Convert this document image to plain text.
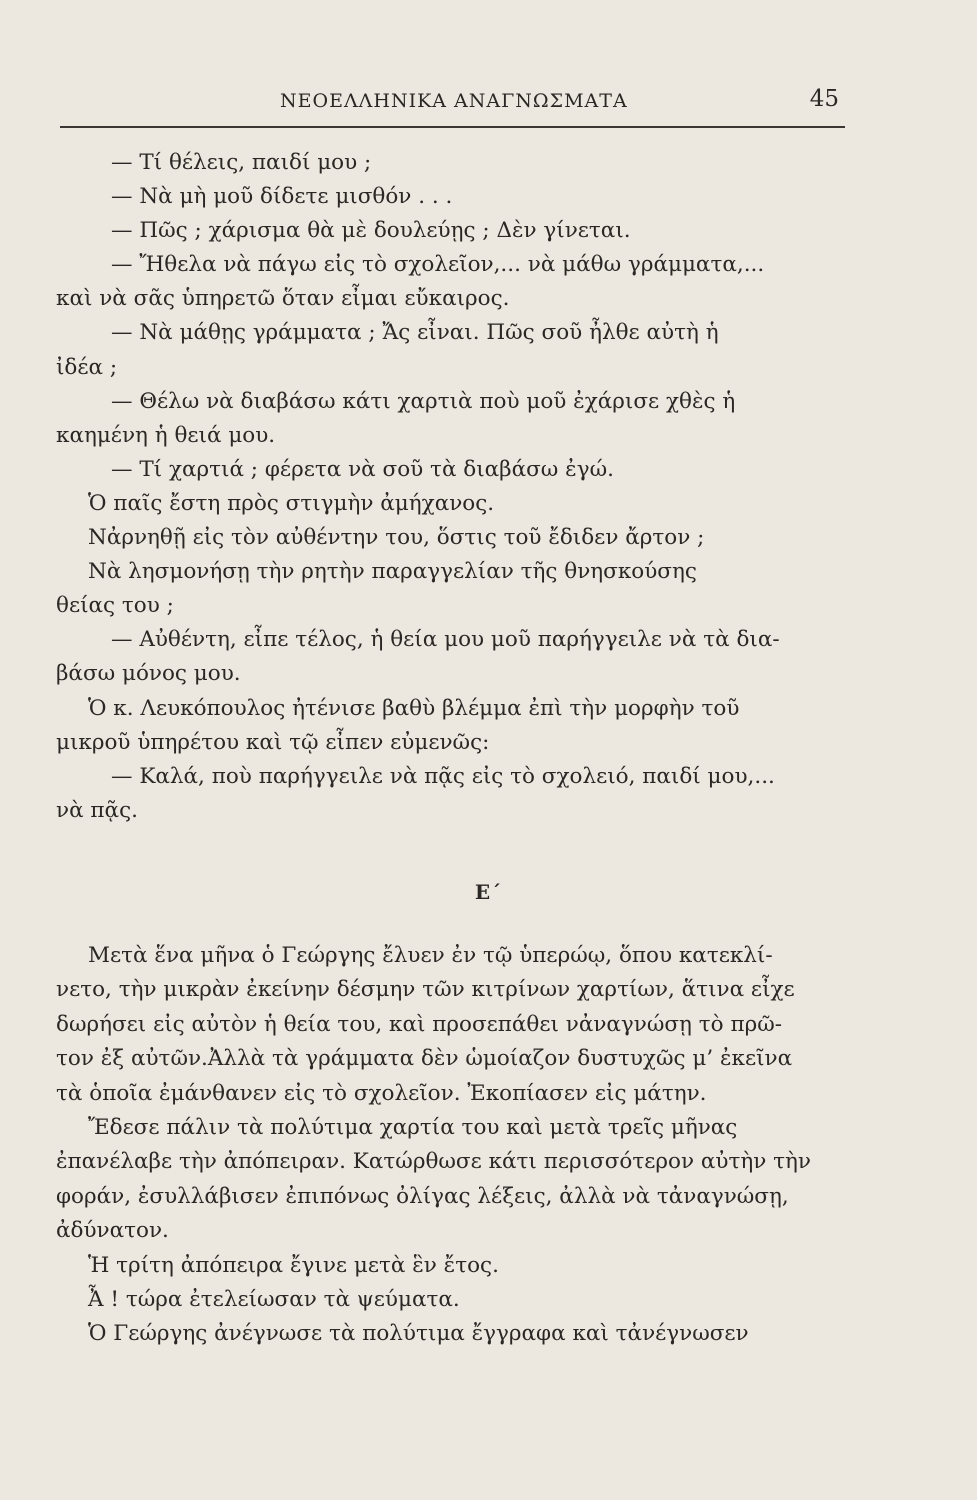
ΝΕΟΕΛΛΗΝΙΚΑ ΑΝΑΓΝΩΣΜΑΤΑ	45
— Τί θέλεις, παιδί μου ;
— Νὰ μὴ μοῦ δίδετε μισθόν . . .
— Πῶς ; χάρισμα θὰ μὲ δουλεύῃς ; Δὲν γίνεται.
— Ἤθελα νὰ πάγω εἰς τὸ σχολεῖον,... νὰ μάθω γράμματα,...
καὶ νὰ σᾶς ὑπηρετῶ ὅταν εἶμαι εὔκαιρος.
— Νὰ μάθῃς γράμματα ; Ἄς εἶναι. Πῶς σοῦ ἦλθε αὐτὴ ἡ
ἰδέα ;
— Θέλω νὰ διαβάσω κάτι χαρτιὰ ποὺ μοῦ ἐχάρισε χθὲς ἡ
καημένη ἡ θειά μου.
— Τί χαρτιά ; φέρετα νὰ σοῦ τὰ διαβάσω ἐγώ.
Ὁ παῖς ἔστη πρὸς στιγμὴν ἀμήχανος.
Νἀρνηθῇ εἰς τὸν αὐθέντην του, ὅστις τοῦ ἔδιδεν ἄρτον ;
Νὰ λησμονήσῃ τὴν ρητὴν παραγγελίαν τῆς θνησκούσης
θείας του ;
— Αὐθέντη, εἶπε τέλος, ἡ θεία μου μοῦ παρήγγειλε νὰ τὰ δια-
βάσω μόνος μου.
Ὁ κ. Λευκόπουλος ἠτένισε βαθὺ βλέμμα ἐπὶ τὴν μορφὴν τοῦ
μικροῦ ὑπηρέτου καὶ τῷ εἶπεν εὐμενῶς:
— Καλά, ποὺ παρήγγειλε νὰ πᾷς εἰς τὸ σχολειό, παιδί μου,...
νὰ πᾷς.
Ε΄
Μετὰ ἕνα μῆνα ὁ Γεώργης ἔλυεν ἐν τῷ ὑπερώῳ, ὅπου κατεκλί-
νετο, τὴν μικρὰν ἐκείνην δέσμην τῶν κιτρίνων χαρτίων, ἅτινα εἶχε
δωρήσει εἰς αὐτὸν ἡ θεία του, καὶ προσεπάθει νἀναγνώσῃ τὸ πρῶ-
τον ἐξ αὐτῶν.Ἀλλὰ τὰ γράμματα δὲν ὡμοίαζον δυστυχῶς μ’ ἐκεῖνα
τὰ ὁποῖα ἐμάνθανεν εἰς τὸ σχολεῖον. Ἐκοπίασεν εἰς μάτην.
Ἔδεσε πάλιν τὰ πολύτιμα χαρτία του καὶ μετὰ τρεῖς μῆνας
ἐπανέλαβε τὴν ἀπόπειραν. Κατώρθωσε κάτι περισσότερον αὐτὴν τὴν
φοράν, ἐσυλλάβισεν ἐπιπόνως ὀλίγας λέξεις, ἀλλὰ νὰ τἀναγνώσῃ,
ἀδύνατον.
Ἡ τρίτη ἀπόπειρα ἔγινε μετὰ ἓν ἔτος.
Ἆ ! τώρα ἐτελείωσαν τὰ ψεύματα.
Ὁ Γεώργης ἀνέγνωσε τὰ πολύτιμα ἔγγραφα καὶ τἀνέγνωσεν
